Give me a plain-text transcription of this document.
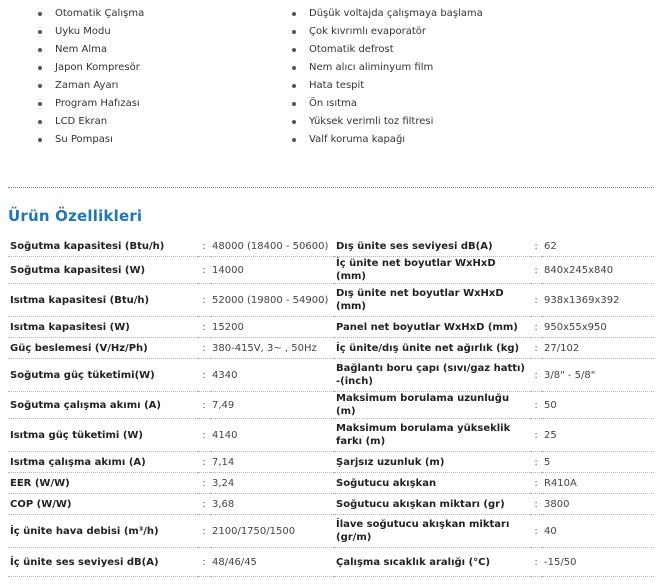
Otomatik Çalışma
Uyku Modu
Nem Alma
Japon Kompresör
Zaman Ayarı
Program Hafızası
LCD Ekran
Su Pompası
Düşük voltajda çalışmaya başlama
Çok kıvrımlı evaporatör
Otomatik defrost
Nem alıcı aliminyum film
Hata tespit
Ön ısıtma
Yüksek verimli toz filtresi
Valf koruma kapağı
Ürün Özellikleri
Soğutma kapasitesi (Btu/h)	:	48000 (18400 - 50600)	Dış ünite ses seviyesi dB(A)	:	62
Soğutma kapasitesi (W)	:	14000	İç ünite net boyutlar WxHxD (mm)	:	840x245x840
Isıtma kapasitesi (Btu/h)	:	52000 (19800 - 54900)	Dış ünite net boyutlar WxHxD (mm)	:	938x1369x392
Isıtma kapasitesi (W)	:	15200	Panel net boyutlar WxHxD (mm)	:	950x55x950
Güç beslemesi (V/Hz/Ph)	:	380-415V, 3~ , 50Hz	İç ünite/dış ünite net ağırlık (kg)	:	27/102
Soğutma güç tüketimi(W)	:	4340	Bağlantı boru çapı (sıvı/gaz hattı) -(inch)	:	3/8" - 5/8"
Soğutma çalışma akımı (A)	:	7,49	Maksimum borulama uzunluğu (m)	:	50
Isıtma güç tüketimi (W)	:	4140	Maksimum borulama yükseklik farkı (m)	:	25
Isıtma çalışma akımı (A)	:	7,14	Şarjsız uzunluk (m)	:	5
EER (W/W)	:	3,24	Soğutucu akışkan	:	R410A
COP (W/W)	:	3,68	Soğutucu akışkan miktarı (gr)	:	3800
İç ünite hava debisi (m³/h)	:	2100/1750/1500	İlave soğutucu akışkan miktarı (gr/m)	:	40
İç ünite ses seviyesi dB(A)	:	48/46/45	Çalışma sıcaklık aralığı (°C)	:	-15/50
